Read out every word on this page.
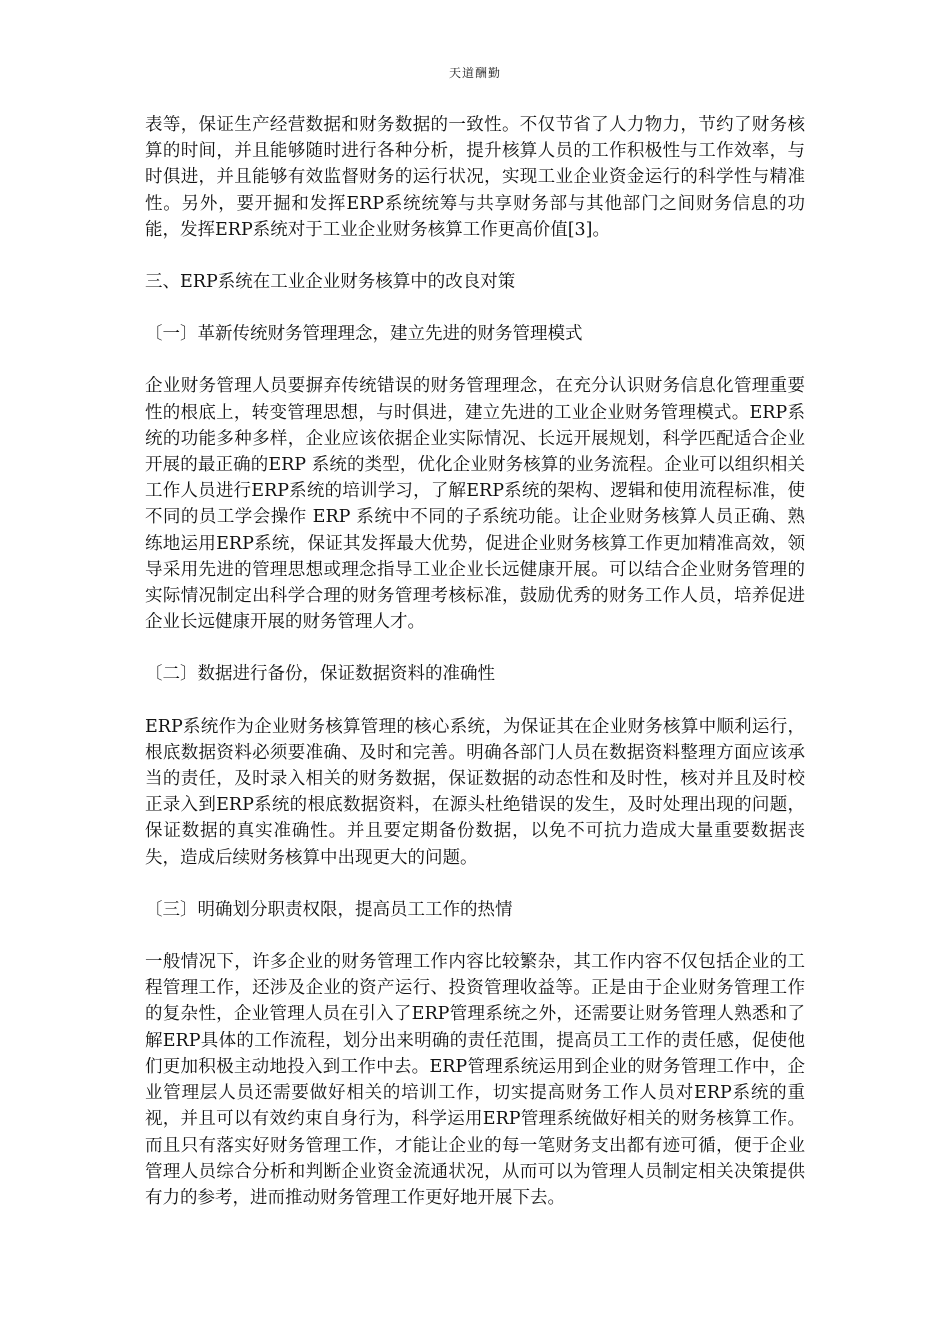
天道酬勤

表等，保证生产经营数据和财务数据的一致性。不仅节省了人力物力，节约了财务核算的时间，并且能够随时进行各种分析，提升核算人员的工作积极性与工作效率，与时俱进，并且能够有效监督财务的运行状况，实现工业企业资金运行的科学性与精准性。另外，要开掘和发挥ERP系统统筹与共享财务部与其他部门之间财务信息的功能，发挥ERP系统对于工业企业财务核算工作更高价值[3]。

三、ERP系统在工业企业财务核算中的改良对策

〔一〕革新传统财务管理理念，建立先进的财务管理模式

企业财务管理人员要摒弃传统错误的财务管理理念，在充分认识财务信息化管理重要性的根底上，转变管理思想，与时俱进，建立先进的工业企业财务管理模式。ERP系统的功能多种多样，企业应该依据企业实际情况、长远开展规划，科学匹配适合企业开展的最正确的ERP 系统的类型，优化企业财务核算的业务流程。企业可以组织相关工作人员进行ERP系统的培训学习，了解ERP系统的架构、逻辑和使用流程标准，使不同的员工学会操作 ERP 系统中不同的子系统功能。让企业财务核算人员正确、熟练地运用ERP系统，保证其发挥最大优势，促进企业财务核算工作更加精准高效，领导采用先进的管理思想或理念指导工业企业长远健康开展。可以结合企业财务管理的实际情况制定出科学合理的财务管理考核标准，鼓励优秀的财务工作人员，培养促进企业长远健康开展的财务管理人才。

〔二〕数据进行备份，保证数据资料的准确性

ERP系统作为企业财务核算管理的核心系统，为保证其在企业财务核算中顺利运行，根底数据资料必须要准确、及时和完善。明确各部门人员在数据资料整理方面应该承当的责任，及时录入相关的财务数据，保证数据的动态性和及时性，核对并且及时校正录入到ERP系统的根底数据资料，在源头杜绝错误的发生，及时处理出现的问题，保证数据的真实准确性。并且要定期备份数据，以免不可抗力造成大量重要数据丧失，造成后续财务核算中出现更大的问题。

〔三〕明确划分职责权限，提高员工工作的热情

一般情况下，许多企业的财务管理工作内容比较繁杂，其工作内容不仅包括企业的工程管理工作，还涉及企业的资产运行、投资管理收益等。正是由于企业财务管理工作的复杂性，企业管理人员在引入了ERP管理系统之外，还需要让财务管理人熟悉和了解ERP具体的工作流程，划分出来明确的责任范围，提高员工工作的责任感，促使他们更加积极主动地投入到工作中去。ERP管理系统运用到企业的财务管理工作中，企业管理层人员还需要做好相关的培训工作，切实提高财务工作人员对ERP系统的重视，并且可以有效约束自身行为，科学运用ERP管理系统做好相关的财务核算工作。而且只有落实好财务管理工作，才能让企业的每一笔财务支出都有迹可循，便于企业管理人员综合分析和判断企业资金流通状况，从而可以为管理人员制定相关决策提供有力的参考，进而推动财务管理工作更好地开展下去。
